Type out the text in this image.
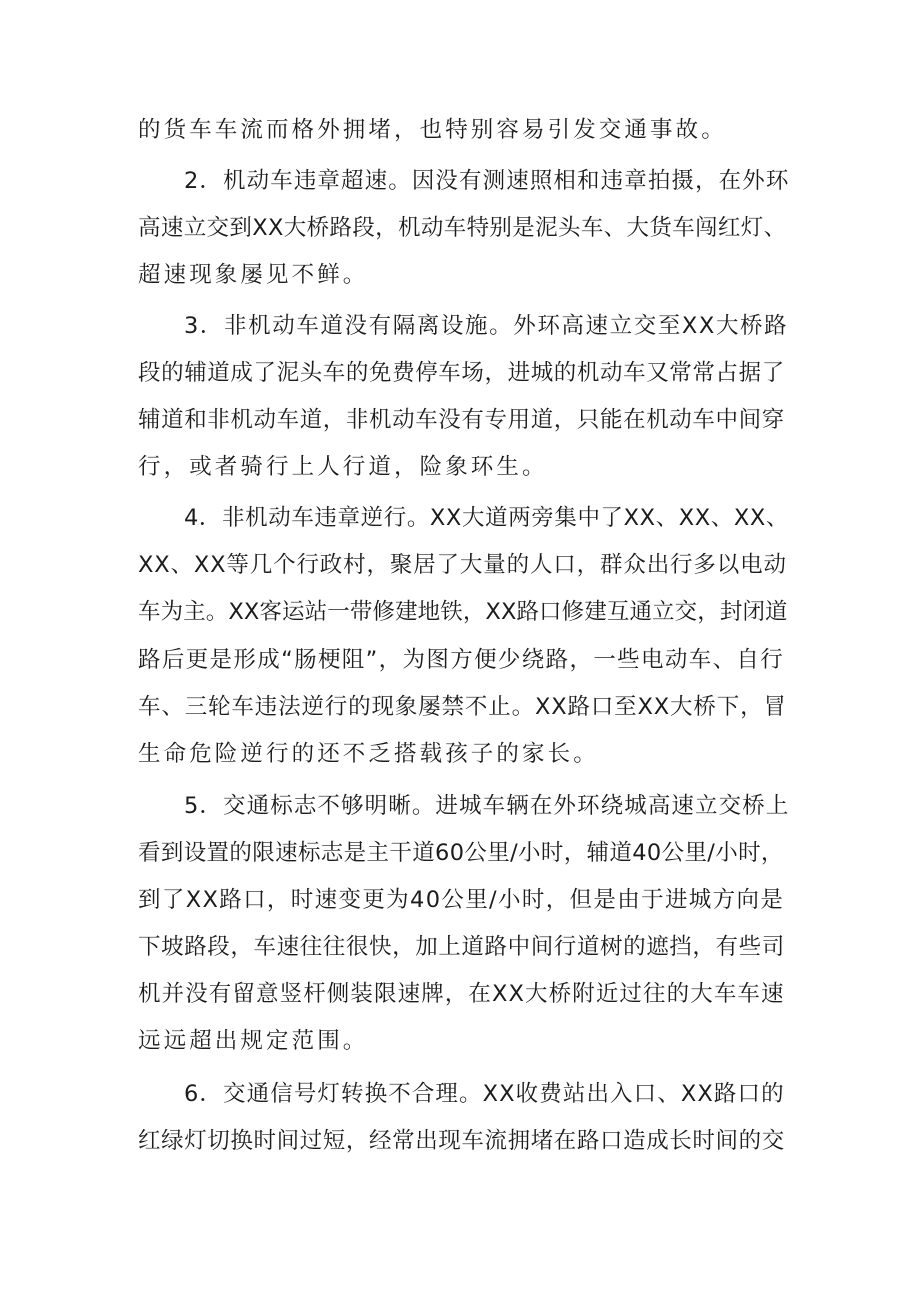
的货车车流而格外拥堵，也特别容易引发交通事故。
2．机动车违章超速。因没有测速照相和违章拍摄，在外环
高速立交到XX大桥路段，机动车特别是泥头车、大货车闯红灯、
超速现象屡见不鲜。
3．非机动车道没有隔离设施。外环高速立交至XX大桥路
段的辅道成了泥头车的免费停车场，进城的机动车又常常占据了
辅道和非机动车道，非机动车没有专用道，只能在机动车中间穿
行，或者骑行上人行道，险象环生。
4．非机动车违章逆行。XX大道两旁集中了XX、XX、XX、
XX、XX等几个行政村，聚居了大量的人口，群众出行多以电动
车为主。XX客运站一带修建地铁，XX路口修建互通立交，封闭道
路后更是形成“肠梗阻”，为图方便少绕路，一些电动车、自行
车、三轮车违法逆行的现象屡禁不止。XX路口至XX大桥下，冒
生命危险逆行的还不乏搭载孩子的家长。
5．交通标志不够明晰。进城车辆在外环绕城高速立交桥上
看到设置的限速标志是主干道60公里/小时，辅道40公里/小时，
到了XX路口，时速变更为40公里/小时，但是由于进城方向是
下坡路段，车速往往很快，加上道路中间行道树的遮挡，有些司
机并没有留意竖杆侧装限速牌，在XX大桥附近过往的大车车速
远远超出规定范围。
6．交通信号灯转换不合理。XX收费站出入口、XX路口的
红绿灯切换时间过短，经常出现车流拥堵在路口造成长时间的交
